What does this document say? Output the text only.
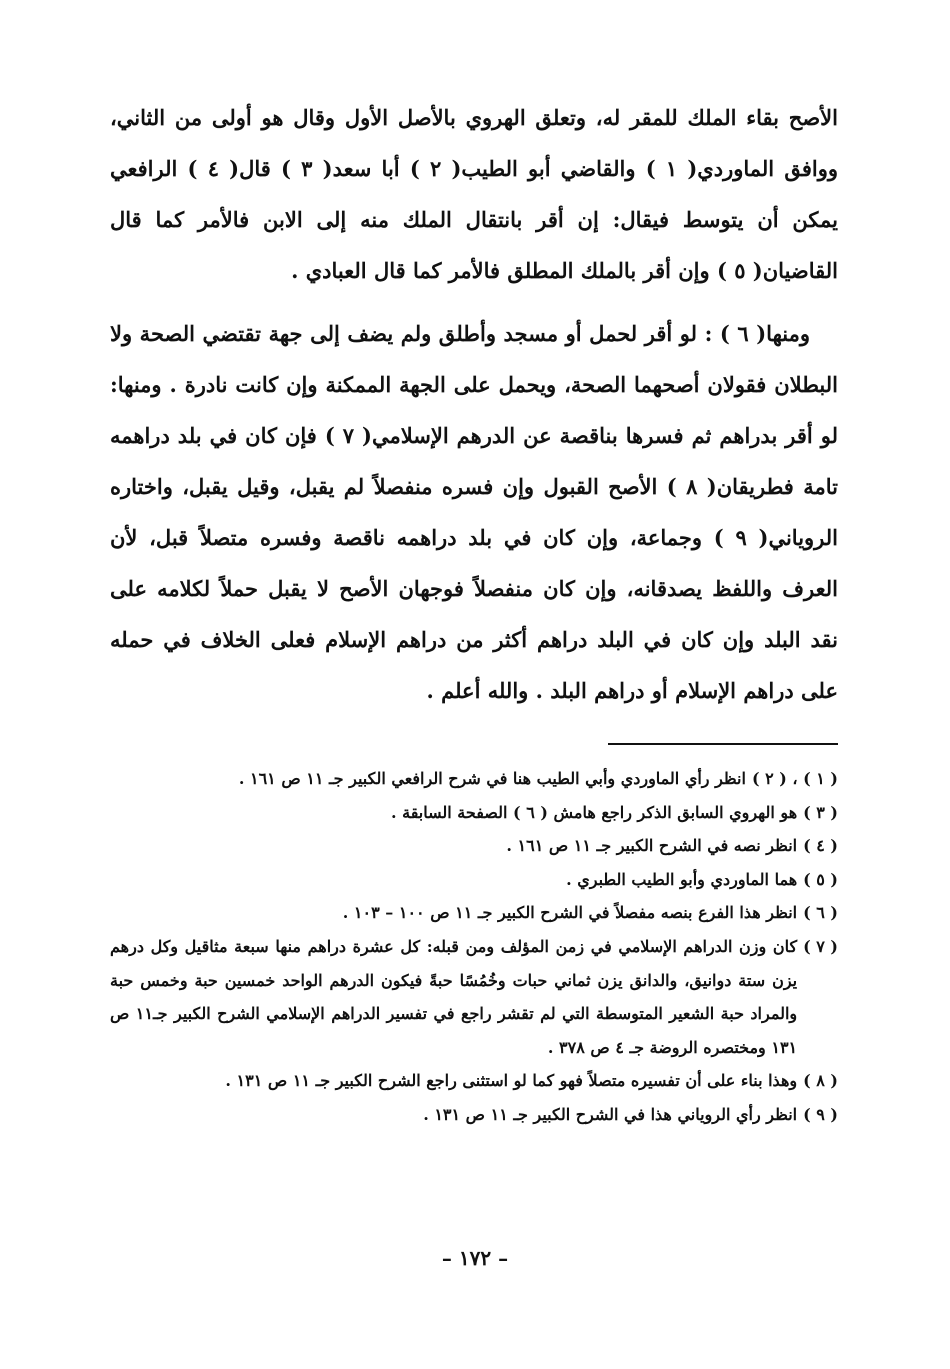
الأصح بقاء الملك للمقر له، وتعلق الهروي بالأصل الأول وقال هو أولى من الثاني، ووافق الماوردي( ١ ) والقاضي أبو الطيب( ٢ ) أبا سعد( ٣ ) قال( ٤ ) الرافعي يمكن أن يتوسط فيقال: إن أقر بانتقال الملك منه إلى الابن فالأمر كما قال القاضيان( ٥ ) وإن أقر بالملك المطلق فالأمر كما قال العبادي .

ومنها( ٦ ) : لو أقر لحمل أو مسجد وأطلق ولم يضف إلى جهة تقتضي الصحة ولا البطلان فقولان أصحهما الصحة، ويحمل على الجهة الممكنة وإن كانت نادرة . ومنها: لو أقر بدراهم ثم فسرها بناقصة عن الدرهم الإسلامي( ٧ ) فإن كان في بلد دراهمه تامة فطريقان( ٨ ) الأصح القبول وإن فسره منفصلاً لم يقبل، وقيل يقبل، واختاره الروياني( ٩ ) وجماعة، وإن كان في بلد دراهمه ناقصة وفسره متصلاً قبل، لأن العرف واللفظ يصدقانه، وإن كان منفصلاً فوجهان الأصح لا يقبل حملاً لكلامه على نقد البلد وإن كان في البلد دراهم أكثر من دراهم الإسلام فعلى الخلاف في حمله على دراهم الإسلام أو دراهم البلد . والله أعلم .

( ١ ) ، ( ٢ )
انظر رأي الماوردي وأبي الطيب هنا في شرح الرافعي الكبير جـ ١١ ص ١٦١ .
( ٣ )
هو الهروي السابق الذكر راجع هامش ( ٦ ) الصفحة السابقة .
( ٤ )
انظر نصه في الشرح الكبير جـ ١١ ص ١٦١ .
( ٥ )
هما الماوردي وأبو الطيب الطبري .
( ٦ )
انظر هذا الفرع بنصه مفصلاً في الشرح الكبير جـ ١١ ص ١٠٠ – ١٠٣ .
( ٧ )
كان وزن الدراهم الإسلامي في زمن المؤلف ومن قبله: كل عشرة دراهم منها سبعة مثاقيل وكل درهم يزن ستة دوانيق، والدانق يزن ثماني حبات وخُمُسًا حبةً فيكون الدرهم الواحد خمسين حبة وخمس حبة والمراد حبة الشعير المتوسطة التي لم تقشر راجع في تفسير الدراهم الإسلامي الشرح الكبير جـ١١ ص ١٣١ ومختصره الروضة جـ ٤ ص ٣٧٨ .
( ٨ )
وهذا بناء على أن تفسيره متصلاً فهو كما لو استثنى راجع الشرح الكبير جـ ١١ ص ١٣١ .
( ٩ )
انظر رأي الروياني هذا في الشرح الكبير جـ ١١ ص ١٣١ .
– ١٧٢ –
